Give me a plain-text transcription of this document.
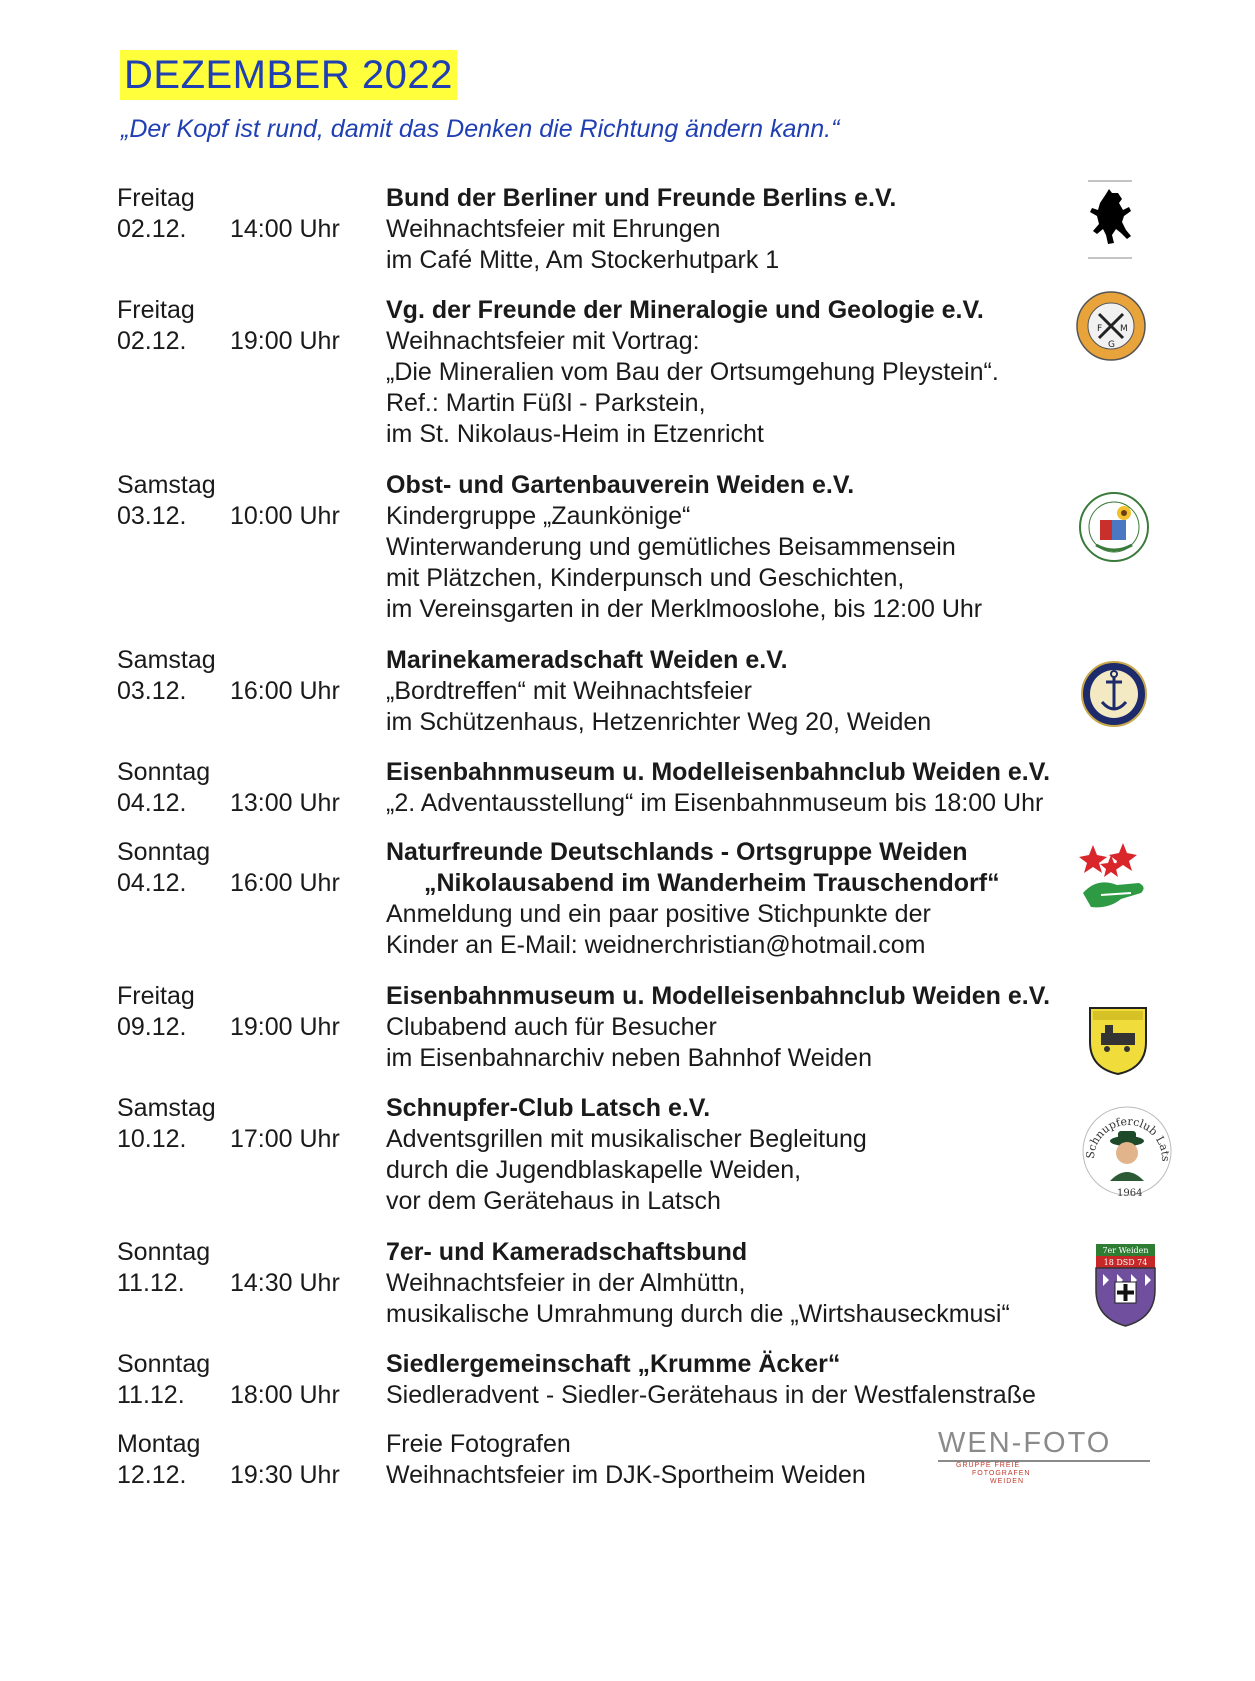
DEZEMBER 2022
„Der Kopf ist rund, damit das Denken die Richtung ändern kann.“
Freitag
02.12. 14:00 Uhr
Bund der Berliner und Freunde Berlins e.V.
Weihnachtsfeier mit Ehrungen
im Café Mitte, Am Stockerhutpark 1
Freitag
02.12. 19:00 Uhr
Vg. der Freunde der Mineralogie und Geologie e.V.
Weihnachtsfeier mit Vortrag:
„Die Mineralien vom Bau der Ortsumgehung Pleystein“.
Ref.: Martin Füßl - Parkstein,
im St. Nikolaus-Heim in Etzenricht
Samstag
03.12. 10:00 Uhr
Obst- und Gartenbauverein Weiden e.V.
Kindergruppe „Zaunkönige“
Winterwanderung und gemütliches Beisammensein
mit Plätzchen, Kinderpunsch und Geschichten,
im Vereinsgarten in der Merklmooslohe, bis 12:00 Uhr
Samstag
03.12. 16:00 Uhr
Marinekameradschaft Weiden e.V.
„Bordtreffen“ mit Weihnachtsfeier
im Schützenhaus, Hetzenrichter Weg 20, Weiden
Sonntag
04.12. 13:00 Uhr
Eisenbahnmuseum u. Modelleisenbahnclub Weiden e.V.
„2. Adventausstellung“ im Eisenbahnmuseum bis 18:00 Uhr
Sonntag
04.12. 16:00 Uhr
Naturfreunde Deutschlands - Ortsgruppe Weiden
„Nikolausabend im Wanderheim Trauschendorf“
Anmeldung und ein paar positive Stichpunkte der
Kinder an E-Mail: weidnerchristian@hotmail.com
Freitag
09.12. 19:00 Uhr
Eisenbahnmuseum u. Modelleisenbahnclub Weiden e.V.
Clubabend auch für Besucher
im Eisenbahnarchiv neben Bahnhof Weiden
Samstag
10.12. 17:00 Uhr
Schnupfer-Club Latsch e.V.
Adventsgrillen mit musikalischer Begleitung
durch die Jugendblaskapelle Weiden,
vor dem Gerätehaus in Latsch
Sonntag
11.12. 14:30 Uhr
7er- und Kameradschaftsbund
Weihnachtsfeier in der Almhüttn,
musikalische Umrahmung durch die „Wirtshauseckmusi“
Sonntag
11.12. 18:00 Uhr
Siedlergemeinschaft „Krumme Äcker“
Siedleradvent - Siedler-Gerätehaus in der Westfalenstraße
Montag
12.12. 19:30 Uhr
Freie Fotografen
Weihnachtsfeier im DJK-Sportheim Weiden
F M
G
Schnupferclub Lats
1964
7er Weiden
18 DSD 74
WEN-FOTO
GRUPPE FREIE
FOTOGRAFEN
WEIDEN
